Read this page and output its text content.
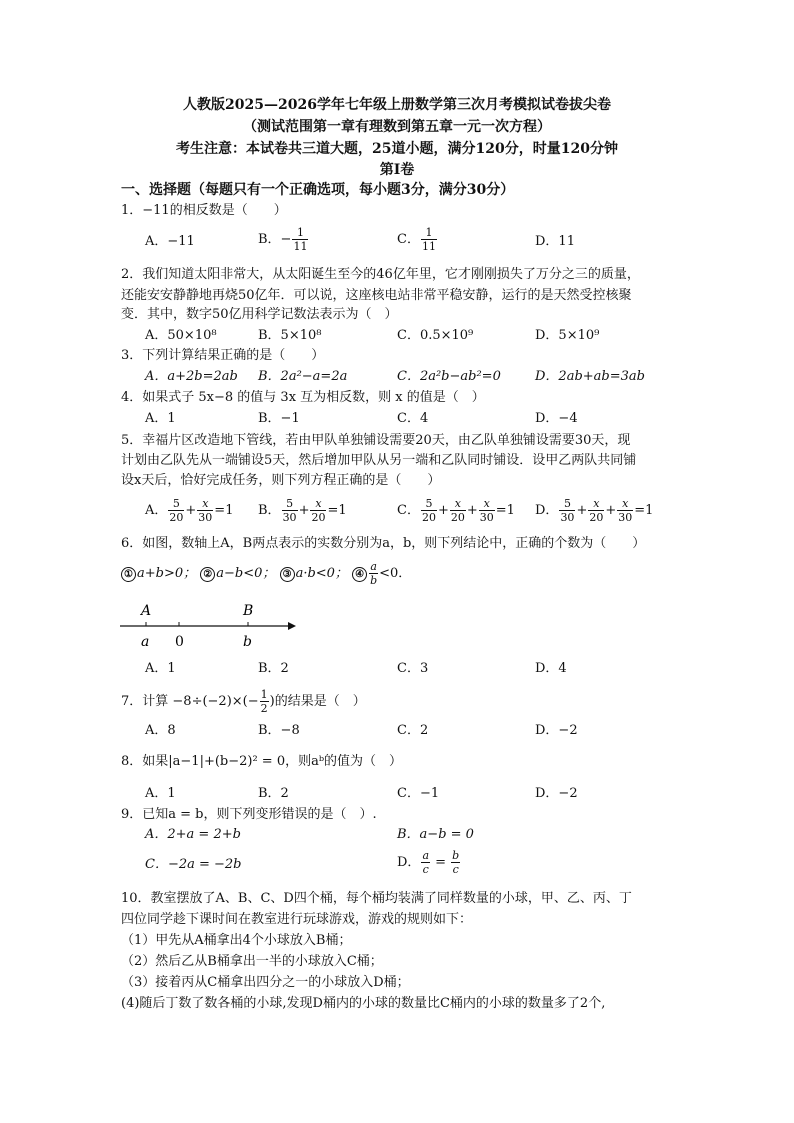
人教版2025—2026学年七年级上册数学第三次月考模拟试卷拔尖卷
（测试范围第一章有理数到第五章一元一次方程）
考生注意：本试卷共三道大题，25道小题，满分120分，时量120分钟
第Ⅰ卷
一、选择题（每题只有一个正确选项，每小题3分，满分30分）
1．−11的相反数是（　　）
A．−11	B．− $\frac{1}{11}$	C． $\frac{1}{11}$	D．11
2．我们知道太阳非常大，从太阳诞生至今的46亿年里，它才刚刚损失了万分之三的质量，
还能安安静静地再烧50亿年．可以说，这座核电站非常平稳安静，运行的是天然受控核聚
变．其中，数字50亿用科学记数法表示为（　）
A．50×10⁸	B．5×10⁸	C．0.5×10⁹	D．5×10⁹
3．下列计算结果正确的是（　　）
A．a+2b=2ab B．2a²−a=2a	C．2a²b−ab²=0	D．2ab+ab=3ab
4．如果式子 5x−8 的值与 3x 互为相反数，则 x 的值是（　）
A．1	B．−1	C．4	D．−4
5．幸福片区改造地下管线，若由甲队单独铺设需要20天，由乙队单独铺设需要30天，现
计划由乙队先从一端铺设5天，然后增加甲队从另一端和乙队同时铺设．设甲乙两队共同铺
设x天后，恰好完成任务，则下列方程正确的是（　　）
A． $\frac{5}{20} + \frac{x}{30} =1$ B． $\frac{5}{30} + \frac{x}{20} =1$	C． $\frac{5}{20} + \frac{x}{20} + \frac{x}{30} =1$ D． $\frac{5}{30} + \frac{x}{20} + \frac{x}{30} =1$
6．如图，数轴上A，B两点表示的实数分别为a，b，则下列结论中，正确的个数为（　　）
① a+b>0； ② a−b<0； ③ a·b<0； ④ $\frac{a}{b} <0$．
A	B
a 0	b
A．1	B．2	C．3	D．4
7．计算 $-8\div(-2)\times(- \frac{1}{2}$ )的结果是（　）
A．8	B．−8	C．2	D．−2
8．如果|a−1|+(b−2)² = 0，则aᵇ的值为（　）
A．1	B．2	C．−1	D．−2
9．已知a = b，则下列变形错误的是（　）.
A．2+a = 2+b	B．a−b = 0
C．−2a = −2b	D． $\frac{a}{c} = \frac{b}{c}$
10．教室摆放了A、B、C、D四个桶，每个桶均装满了同样数量的小球，甲、乙、丙、丁
四位同学趁下课时间在教室进行玩球游戏，游戏的规则如下：
（1）甲先从A桶拿出4个小球放入B桶；
（2）然后乙从B桶拿出一半的小球放入C桶；
（3）接着丙从C桶拿出四分之一的小球放入D桶；
(4)随后丁数了数各桶的小球,发现D桶内的小球的数量比C桶内的小球的数量多了2个,
